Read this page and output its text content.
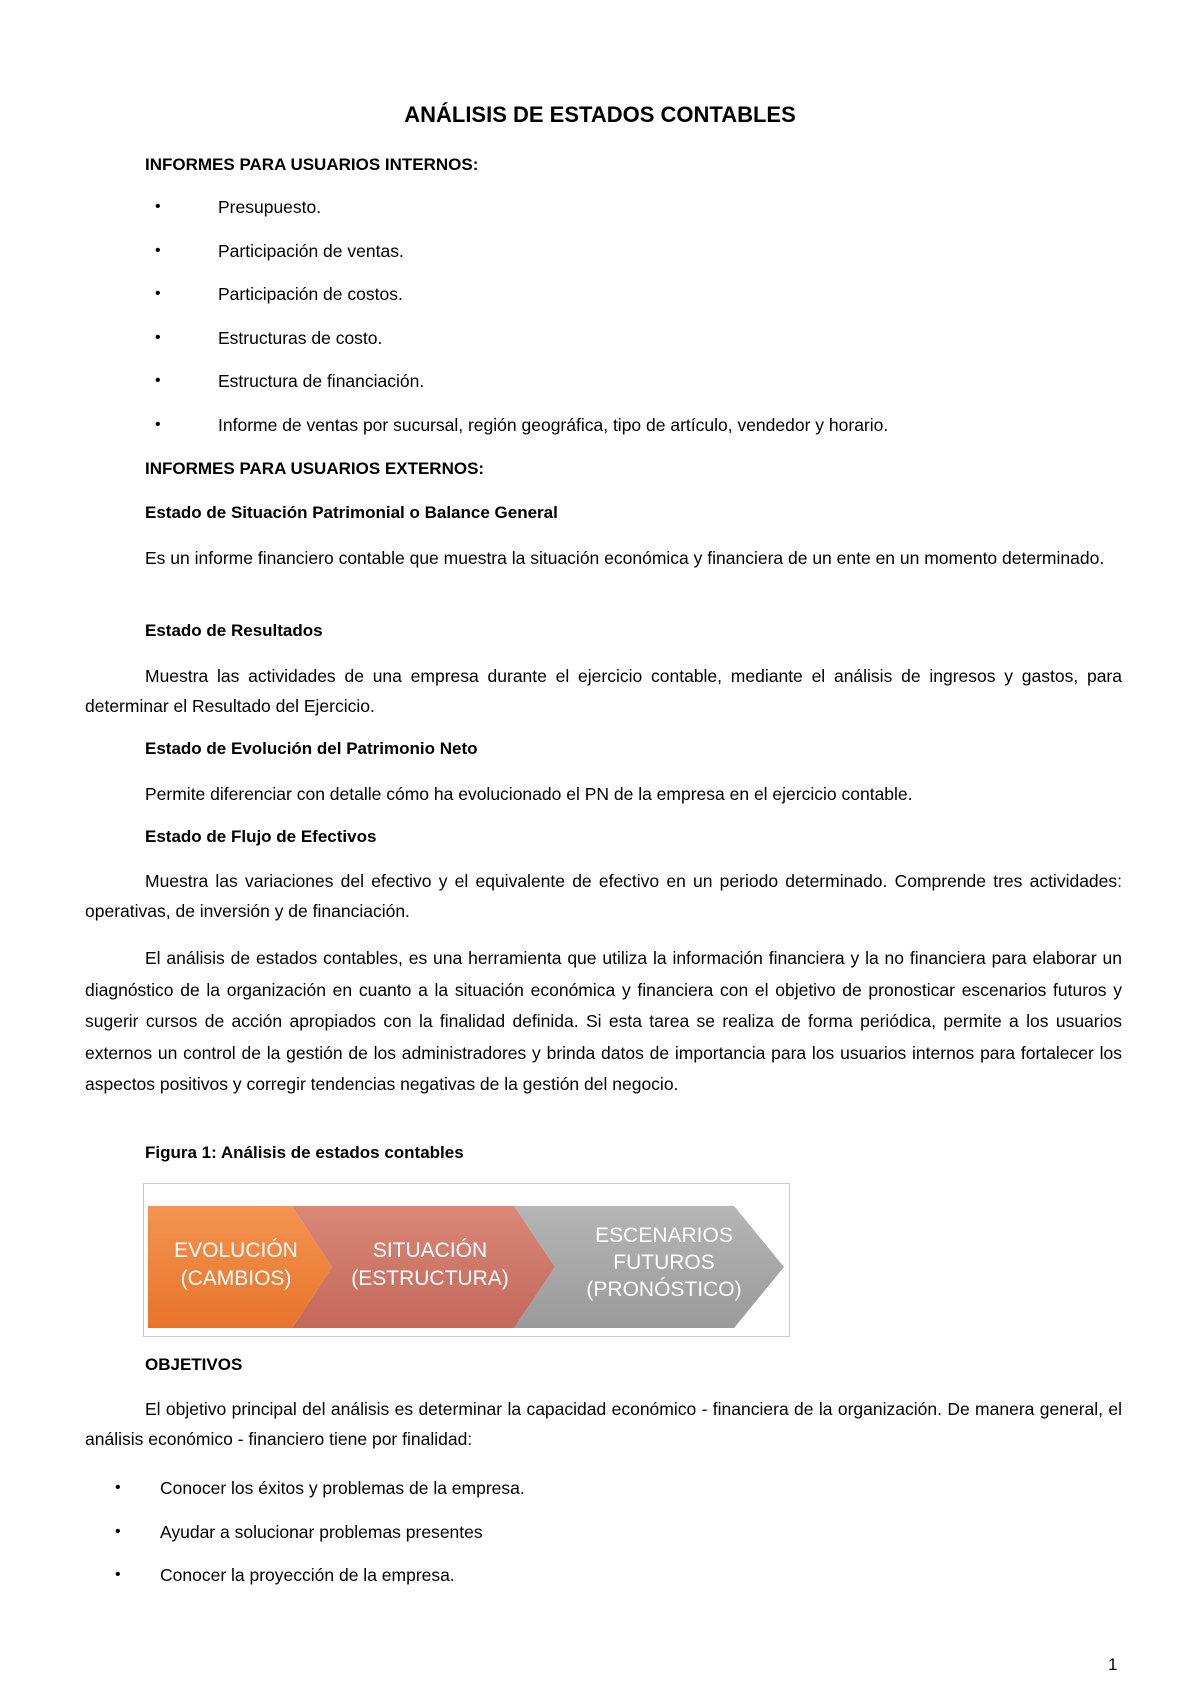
ANÁLISIS DE ESTADOS CONTABLES
INFORMES PARA USUARIOS INTERNOS:
•	Presupuesto.
•	Participación de ventas.
•	Participación de costos.
•	Estructuras de costo.
•	Estructura de financiación.
•	Informe de ventas por sucursal, región geográfica, tipo de artículo, vendedor y horario.
INFORMES PARA USUARIOS EXTERNOS:
Estado de Situación Patrimonial o Balance General
Es un informe financiero contable que muestra la situación económica y financiera de un ente en un momento determinado.
Estado de Resultados
Muestra las actividades de una empresa durante el ejercicio contable, mediante el análisis de ingresos y gastos, para determinar el Resultado del Ejercicio.
Estado de Evolución del Patrimonio Neto
Permite diferenciar con detalle cómo ha evolucionado el PN de la empresa en el ejercicio contable.
Estado de Flujo de Efectivos
Muestra las variaciones del efectivo y el equivalente de efectivo en un periodo determinado. Comprende tres actividades: operativas, de inversión y de financiación.
El análisis de estados contables, es una herramienta que utiliza la información financiera y la no financiera para elaborar un diagnóstico de la organización en cuanto a la situación económica y financiera con el objetivo de pronosticar escenarios futuros y sugerir cursos de acción apropiados con la finalidad definida. Si esta tarea se realiza de forma periódica, permite a los usuarios externos un control de la gestión de los administradores y brinda datos de importancia para los usuarios internos para fortalecer los aspectos positivos y corregir tendencias negativas de la gestión del negocio.
Figura 1: Análisis de estados contables
EVOLUCIÓN
(CAMBIOS)
SITUACIÓN
(ESTRUCTURA)
ESCENARIOS
FUTUROS
(PRONÓSTICO)
OBJETIVOS
El objetivo principal del análisis es determinar la capacidad económico - financiera de la organización. De manera general, el análisis económico - financiero tiene por finalidad:
• Conocer los éxitos y problemas de la empresa.
• Ayudar a solucionar problemas presentes
• Conocer la proyección de la empresa.
1
